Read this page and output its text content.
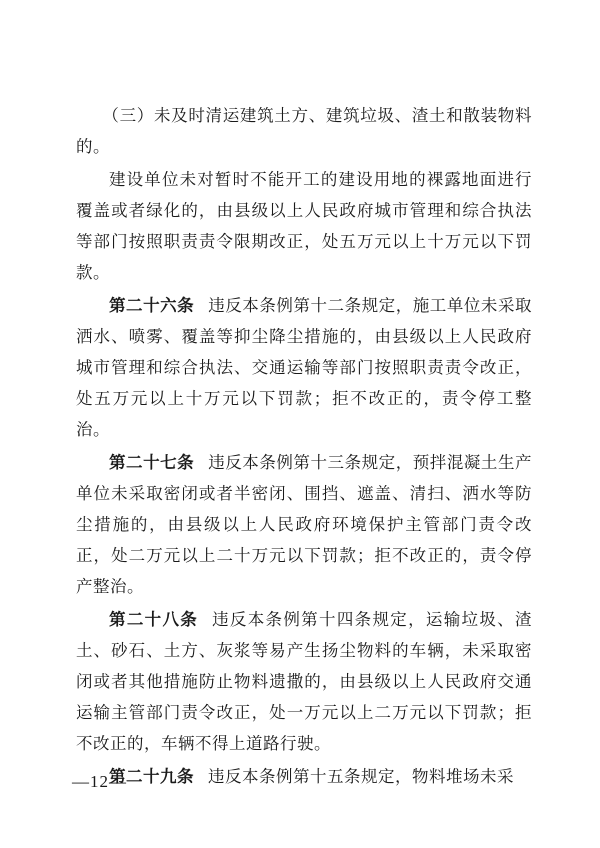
（三）未及时清运建筑土方、建筑垃圾、渣土和散装物料的。

建设单位未对暂时不能开工的建设用地的裸露地面进行覆盖或者绿化的，由县级以上人民政府城市管理和综合执法等部门按照职责责令限期改正，处五万元以上十万元以下罚款。

第二十六条 违反本条例第十二条规定，施工单位未采取洒水、喷雾、覆盖等抑尘降尘措施的，由县级以上人民政府城市管理和综合执法、交通运输等部门按照职责责令改正，处五万元以上十万元以下罚款；拒不改正的，责令停工整治。

第二十七条 违反本条例第十三条规定，预拌混凝土生产单位未采取密闭或者半密闭、围挡、遮盖、清扫、洒水等防尘措施的，由县级以上人民政府环境保护主管部门责令改正，处二万元以上二十万元以下罚款；拒不改正的，责令停产整治。

第二十八条 违反本条例第十四条规定，运输垃圾、渣土、砂石、土方、灰浆等易产生扬尘物料的车辆，未采取密闭或者其他措施防止物料遗撒的，由县级以上人民政府交通运输主管部门责令改正，处一万元以上二万元以下罚款；拒不改正的，车辆不得上道路行驶。

第二十九条 违反本条例第十五条规定，物料堆场未采

—12—
